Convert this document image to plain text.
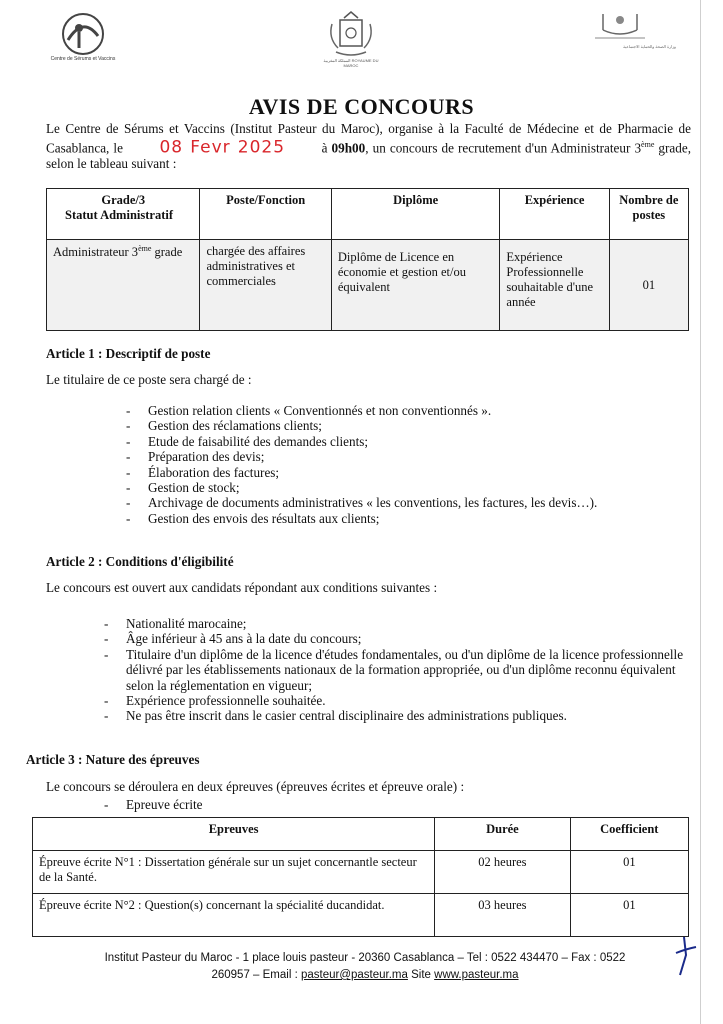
Centre de Sérums et Vaccins	المملكة المغربية ROYAUME DU MAROC
وزارة الصحة والحماية الاجتماعية
AVIS DE CONCOURS
Le Centre de Sérums et Vaccins (Institut Pasteur du Maroc), organise à la Faculté de Médecine et de Pharmacie de Casablanca, le 08 Fevr 2025	à 09h00, un concours de recrutement d'un Administrateur 3ème grade, selon le tableau suivant :
Grade/3
Statut Administratif	Poste/Fonction	Diplôme	Expérience	Nombre de postes
Administrateur 3ème grade	chargée des affaires administratives et commerciales	Diplôme de Licence en économie et gestion et/ou équivalent	Expérience Professionnelle souhaitable d'une année	01
Article 1 : Descriptif de poste
Le titulaire de ce poste sera chargé de :
- Gestion relation clients « Conventionnés et non conventionnés ».
- Gestion des réclamations clients;
- Etude de faisabilité des demandes clients;
- Préparation des devis;
- Élaboration des factures;
- Gestion de stock;
- Archivage de documents administratives « les conventions, les factures, les devis…).
- Gestion des envois des résultats aux clients;
Article 2 : Conditions d'éligibilité
Le concours est ouvert aux candidats répondant aux conditions suivantes :
- Nationalité marocaine;
- Âge inférieur à 45 ans à la date du concours;
- Titulaire d'un diplôme de la licence d'études fondamentales, ou d'un diplôme de la licence professionnelle délivré par les établissements nationaux de la formation appropriée, ou d'un diplôme reconnu équivalent selon la réglementation en vigueur;
- Expérience professionnelle souhaitée.
- Ne pas être inscrit dans le casier central disciplinaire des administrations publiques.
Article 3 : Nature des épreuves
Le concours se déroulera en deux épreuves (épreuves écrites et épreuve orale) :
- Epreuve écrite
Epreuves	Durée	Coefficient
Épreuve écrite N°1 : Dissertation générale sur un sujet concernantle secteur de la Santé.	02 heures	01
Épreuve écrite N°2 : Question(s) concernant la spécialité ducandidat.	03 heures	01
Institut Pasteur du Maroc - 1 place louis pasteur - 20360 Casablanca – Tel : 0522 434470 – Fax : 0522
260957 – Email : pasteur@pasteur.ma Site www.pasteur.ma
